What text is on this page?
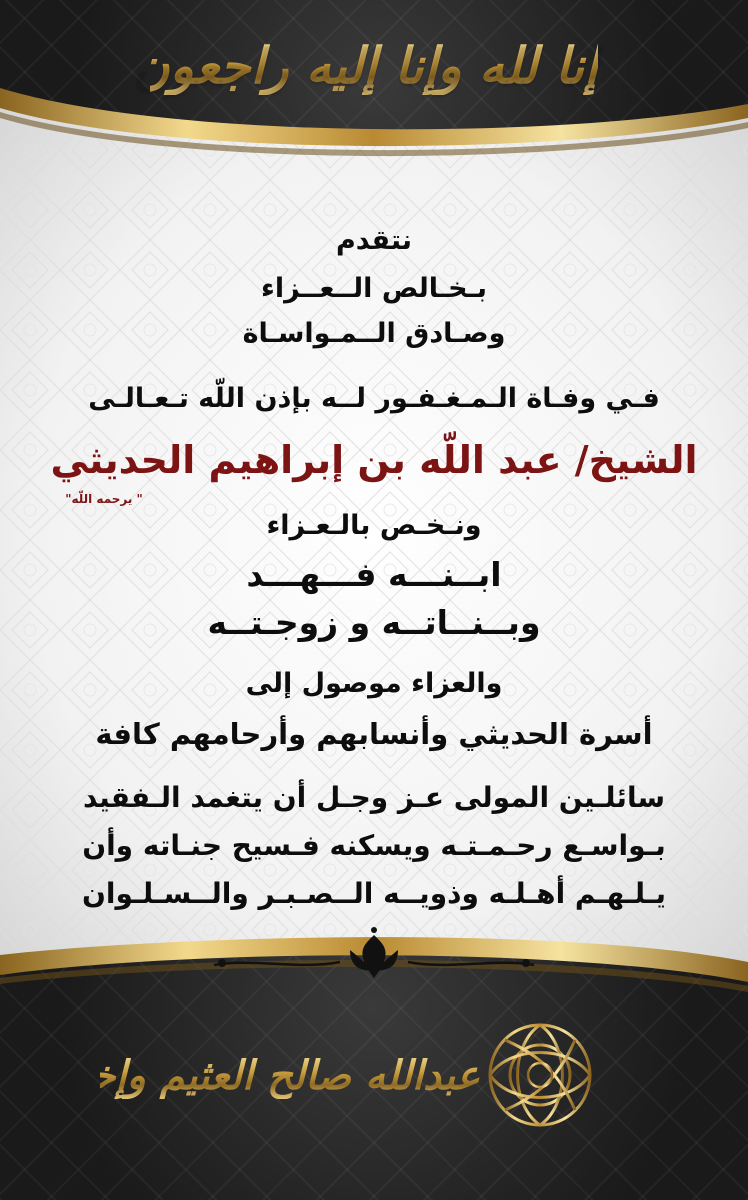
إنا لله وإنا إليه راجعون
نتقدم
بـخـالص الــعــزاء
وصـادق الــمـواسـاة
فـي وفـاة الـمـغـفـور لــه بإذن اللّه تـعـالـى
الشيخ/ عبد اللّه بن إبراهيم الحديثي
" يرحمه اللّه"
ونـخـص بالـعـزاء
ابــنـــه فـــهـــد
وبــنــاتــه و زوجـتــه
والعزاء موصول إلى
أسرة الحديثي وأنسابهم وأرحامهم كافة
سائلـين المولى عـز وجـل أن يتغمد الـفقيد
بـواسـع رحـمـتـه ويسكنه فـسيح جنـاته وأن
يـلـهـم أهـلـه وذويــه الــصـبـر والــسـلـوان
عبدالله صالح العثيم وإخوانه
